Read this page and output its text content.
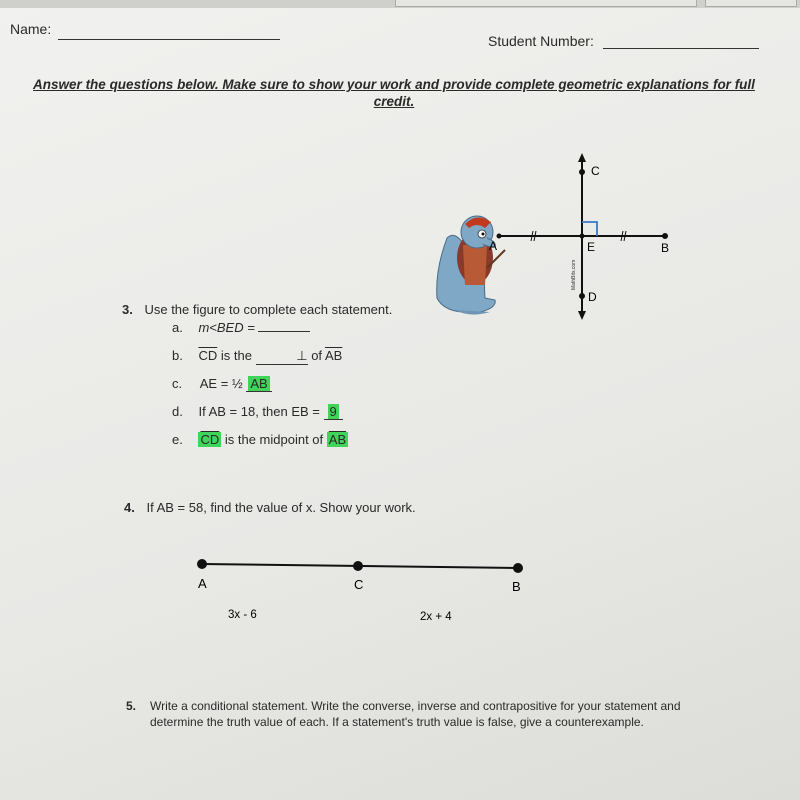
Name:
Student Number:
Answer the questions below. Make sure to show your work and provide complete geometric explanations for full credit.
C
A	E	B
D
MathBits.com
3. Use the figure to complete each statement.
a. m<BED =
b. $\overline{CD}$ is the	⊥ of $\overline{AB}$
c. AE = ½ AB
d. If AB = 18, then EB = 9
e. $\overline{CD}$ is the midpoint of $\overline{AB}$
4. If AB = 58, find the value of x. Show your work.
A	C	B
3x - 6	2x + 4
5. Write a conditional statement. Write the converse, inverse and contrapositive for your statement and determine the truth value of each. If a statement's truth value is false, give a counterexample.
